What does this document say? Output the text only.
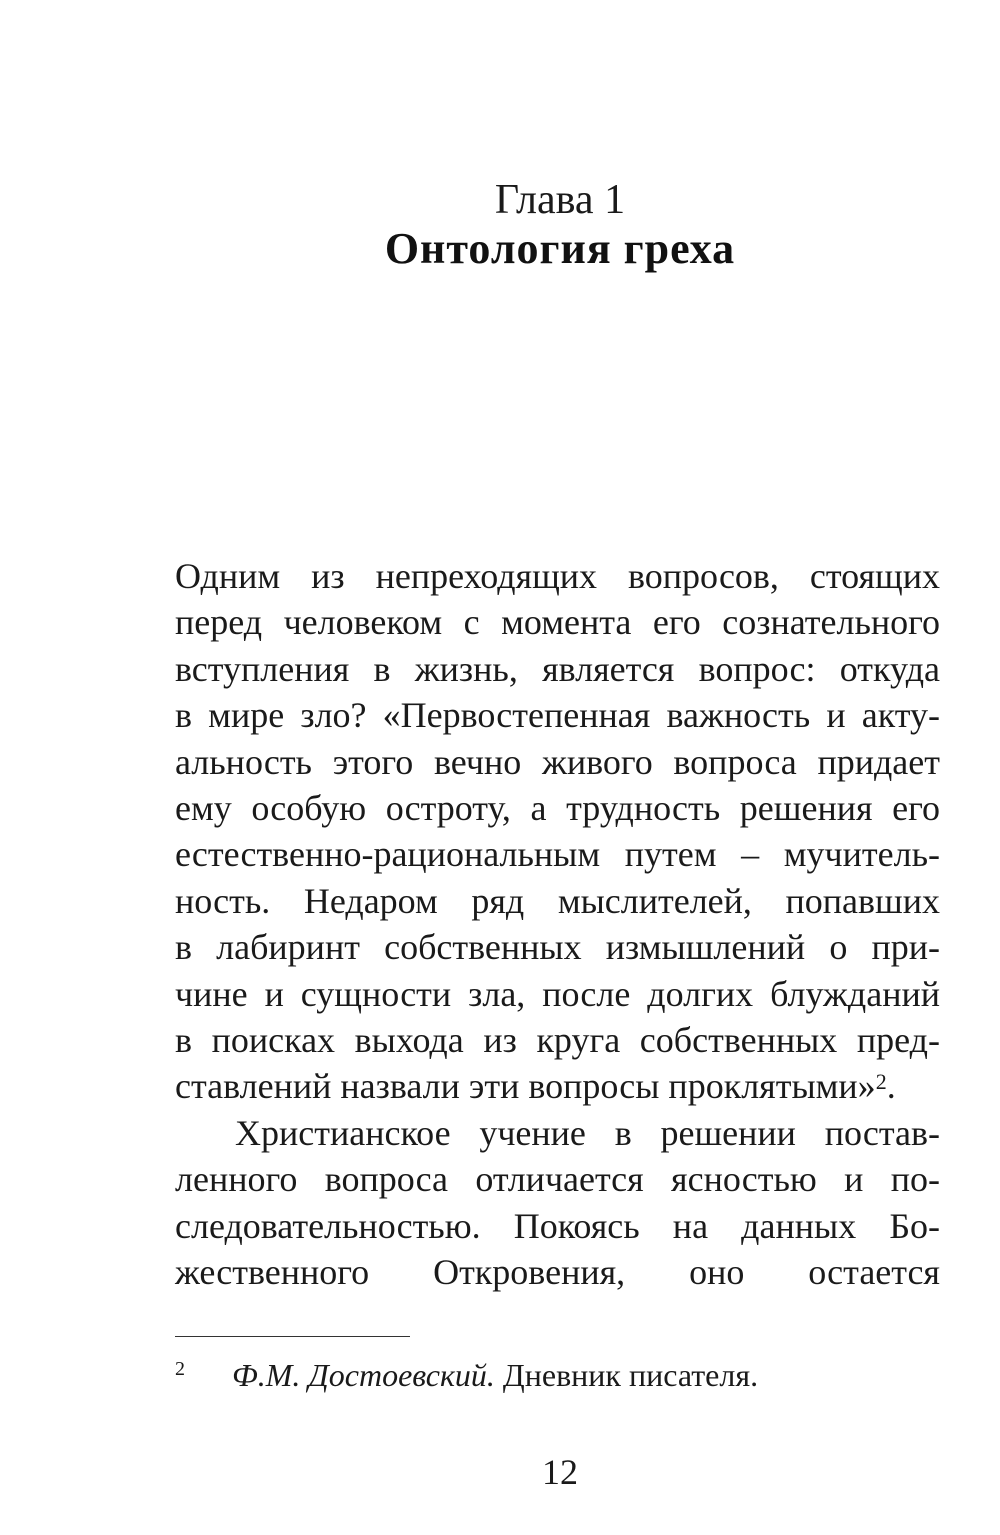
Глава 1
Онтология греха

Одним из непреходящих вопросов, стоящих

перед человеком с момента его сознательного

вступления в жизнь, является вопрос: откуда

в мире зло? «Первостепенная важность и акту-

альность этого вечно живого вопроса придает

ему особую остроту, а трудность решения его

естественно-рациональным путем – мучитель-

ность. Недаром ряд мыслителей, попавших

в лабиринт собственных измышлений о при-

чине и сущности зла, после долгих блужданий

в поисках выхода из круга собственных пред-

ставлений назвали эти вопросы проклятыми»$^2$.

Христианское учение в решении постав-

ленного вопроса отличается ясностью и по-

следовательностью. Покоясь на данных Бо-

жественного Откровения, оно остается

2 Ф.М. Достоевский. Дневник писателя.
12
